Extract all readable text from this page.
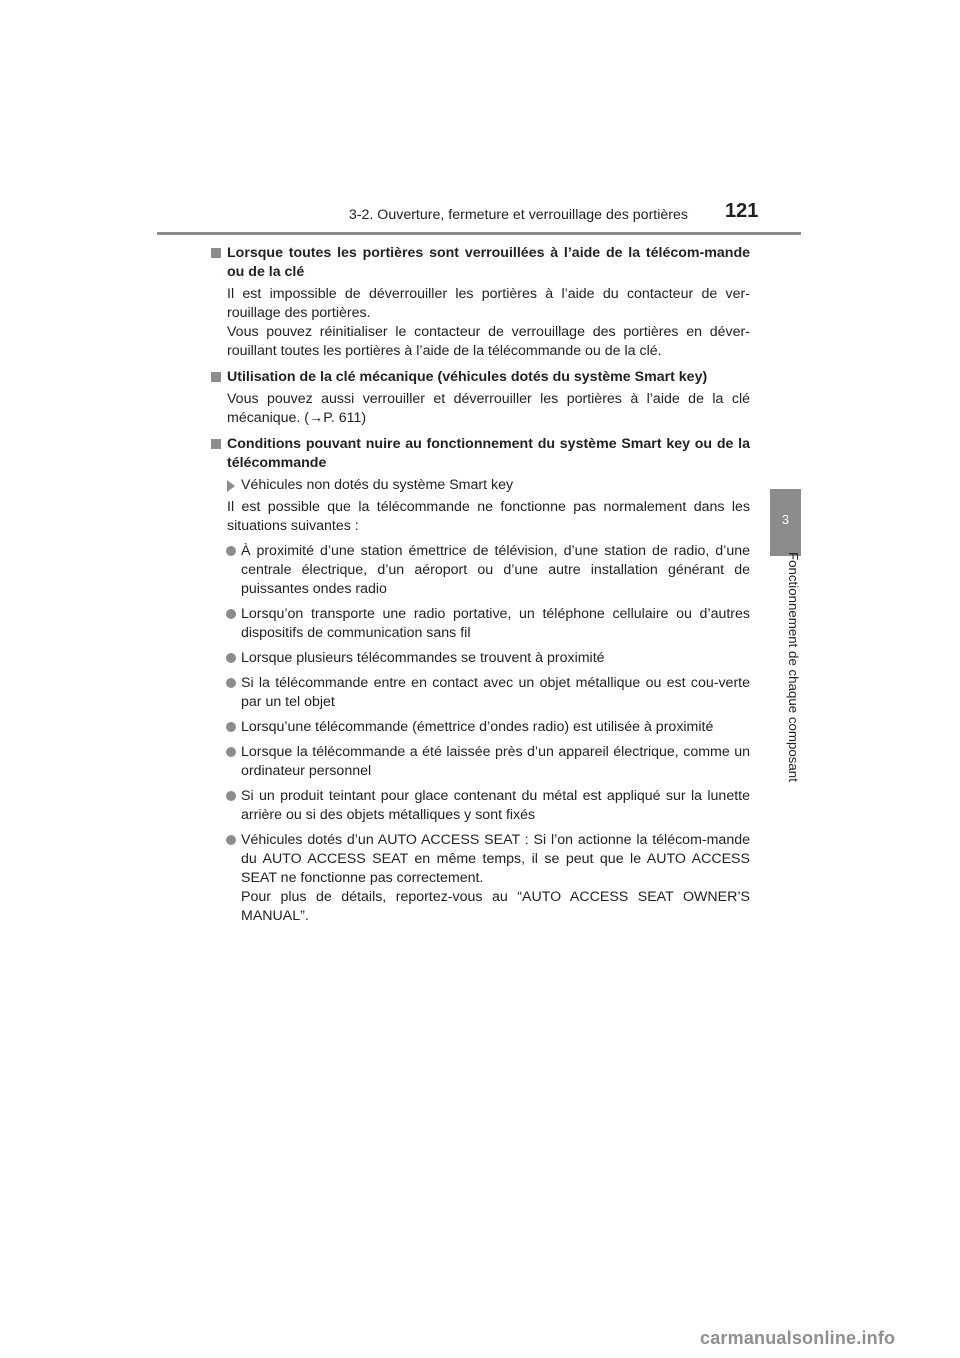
3-2. Ouverture, fermeture et verrouillage des portières 121
3
Fonctionnement de chaque composant
Lorsque toutes les portières sont verrouillées à l’aide de la télécom-mande ou de la clé
Il est impossible de déverrouiller les portières à l’aide du contacteur de ver-rouillage des portières.
Vous pouvez réinitialiser le contacteur de verrouillage des portières en déver-rouillant toutes les portières à l’aide de la télécommande ou de la clé.
Utilisation de la clé mécanique (véhicules dotés du système Smart key)
Vous pouvez aussi verrouiller et déverrouiller les portières à l’aide de la clé mécanique. (→P. 611)
Conditions pouvant nuire au fonctionnement du système Smart key ou de la télécommande
Véhicules non dotés du système Smart key
Il est possible que la télécommande ne fonctionne pas normalement dans les situations suivantes :
À proximité d’une station émettrice de télévision, d’une station de radio, d’une centrale électrique, d’un aéroport ou d’une autre installation générant de puissantes ondes radio
Lorsqu’on transporte une radio portative, un téléphone cellulaire ou d’autres dispositifs de communication sans fil
Lorsque plusieurs télécommandes se trouvent à proximité
Si la télécommande entre en contact avec un objet métallique ou est cou-verte par un tel objet
Lorsqu’une télécommande (émettrice d’ondes radio) est utilisée à proximité
Lorsque la télécommande a été laissée près d’un appareil électrique, comme un ordinateur personnel
Si un produit teintant pour glace contenant du métal est appliqué sur la lunette arrière ou si des objets métalliques y sont fixés
Véhicules dotés d’un AUTO ACCESS SEAT : Si l’on actionne la télécom-mande du AUTO ACCESS SEAT en même temps, il se peut que le AUTO ACCESS SEAT ne fonctionne pas correctement.
Pour plus de détails, reportez-vous au “AUTO ACCESS SEAT OWNER’S MANUAL”.
carmanualsonline.info
